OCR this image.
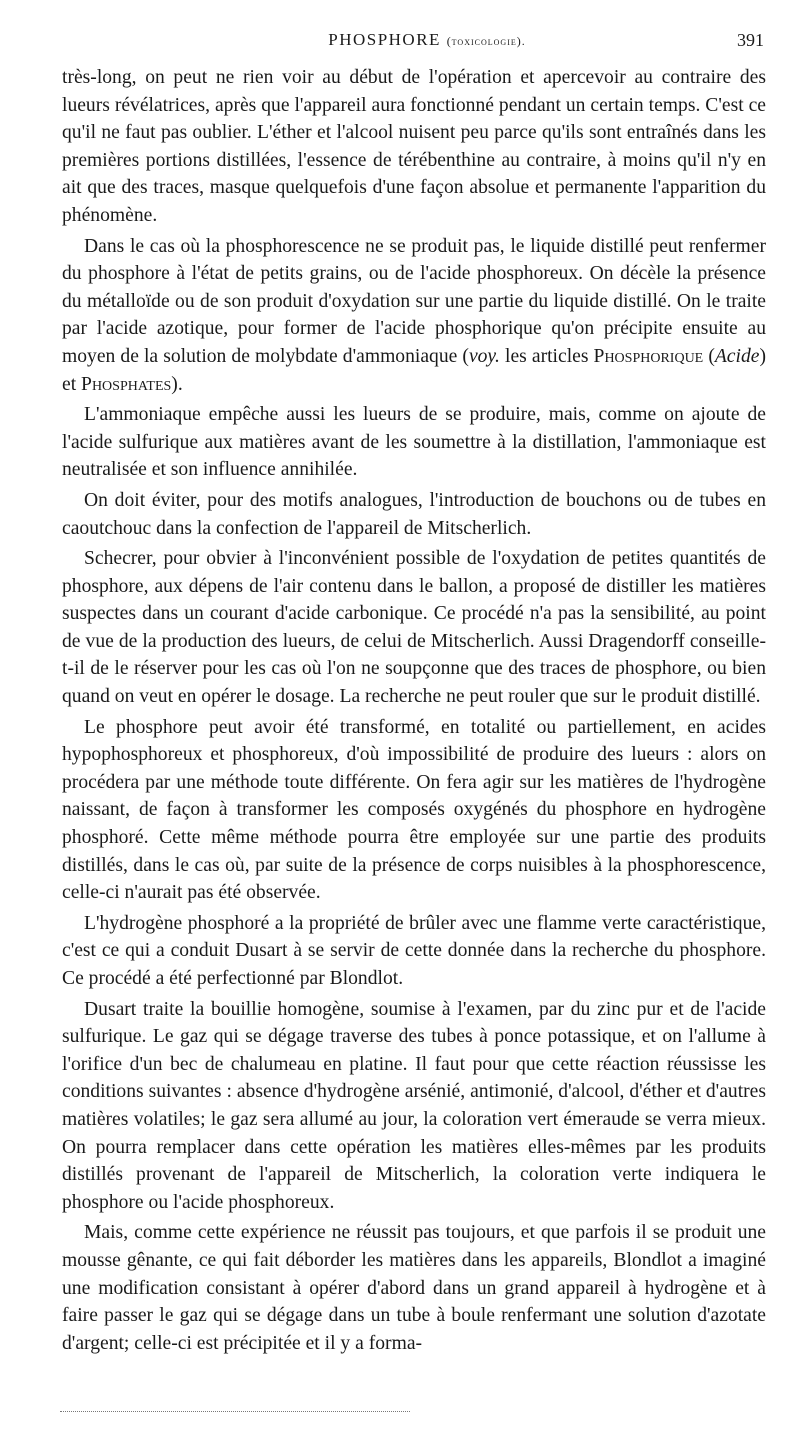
PHOSPHORE (toxicologie).	391

très-long, on peut ne rien voir au début de l'opération et apercevoir au contraire des lueurs révélatrices, après que l'appareil aura fonctionné pendant un certain temps. C'est ce qu'il ne faut pas oublier. L'éther et l'alcool nuisent peu parce qu'ils sont entraînés dans les premières portions distillées, l'essence de térébenthine au contraire, à moins qu'il n'y en ait que des traces, masque quelquefois d'une façon absolue et permanente l'apparition du phénomène.

Dans le cas où la phosphorescence ne se produit pas, le liquide distillé peut renfermer du phosphore à l'état de petits grains, ou de l'acide phosphoreux. On décèle la présence du métalloïde ou de son produit d'oxydation sur une partie du liquide distillé. On le traite par l'acide azotique, pour former de l'acide phosphorique qu'on précipite ensuite au moyen de la solution de molybdate d'ammoniaque (voy. les articles Phosphorique (Acide) et Phosphates).

L'ammoniaque empêche aussi les lueurs de se produire, mais, comme on ajoute de l'acide sulfurique aux matières avant de les soumettre à la distillation, l'ammoniaque est neutralisée et son influence annihilée.

On doit éviter, pour des motifs analogues, l'introduction de bouchons ou de tubes en caoutchouc dans la confection de l'appareil de Mitscherlich.

Schecrer, pour obvier à l'inconvénient possible de l'oxydation de petites quantités de phosphore, aux dépens de l'air contenu dans le ballon, a proposé de distiller les matières suspectes dans un courant d'acide carbonique. Ce procédé n'a pas la sensibilité, au point de vue de la production des lueurs, de celui de Mitscherlich. Aussi Dragendorff conseille-t-il de le réserver pour les cas où l'on ne soupçonne que des traces de phosphore, ou bien quand on veut en opérer le dosage. La recherche ne peut rouler que sur le produit distillé.

Le phosphore peut avoir été transformé, en totalité ou partiellement, en acides hypophosphoreux et phosphoreux, d'où impossibilité de produire des lueurs : alors on procédera par une méthode toute différente. On fera agir sur les matières de l'hydrogène naissant, de façon à transformer les composés oxygénés du phosphore en hydrogène phosphoré. Cette même méthode pourra être employée sur une partie des produits distillés, dans le cas où, par suite de la présence de corps nuisibles à la phosphorescence, celle-ci n'aurait pas été observée.

L'hydrogène phosphoré a la propriété de brûler avec une flamme verte caractéristique, c'est ce qui a conduit Dusart à se servir de cette donnée dans la recherche du phosphore. Ce procédé a été perfectionné par Blondlot.

Dusart traite la bouillie homogène, soumise à l'examen, par du zinc pur et de l'acide sulfurique. Le gaz qui se dégage traverse des tubes à ponce potassique, et on l'allume à l'orifice d'un bec de chalumeau en platine. Il faut pour que cette réaction réussisse les conditions suivantes : absence d'hydrogène arsénié, antimonié, d'alcool, d'éther et d'autres matières volatiles; le gaz sera allumé au jour, la coloration vert émeraude se verra mieux. On pourra remplacer dans cette opération les matières elles-mêmes par les produits distillés provenant de l'appareil de Mitscherlich, la coloration verte indiquera le phosphore ou l'acide phosphoreux.

Mais, comme cette expérience ne réussit pas toujours, et que parfois il se produit une mousse gênante, ce qui fait déborder les matières dans les appareils, Blondlot a imaginé une modification consistant à opérer d'abord dans un grand appareil à hydrogène et à faire passer le gaz qui se dégage dans un tube à boule renfermant une solution d'azotate d'argent; celle-ci est précipitée et il y a forma-
